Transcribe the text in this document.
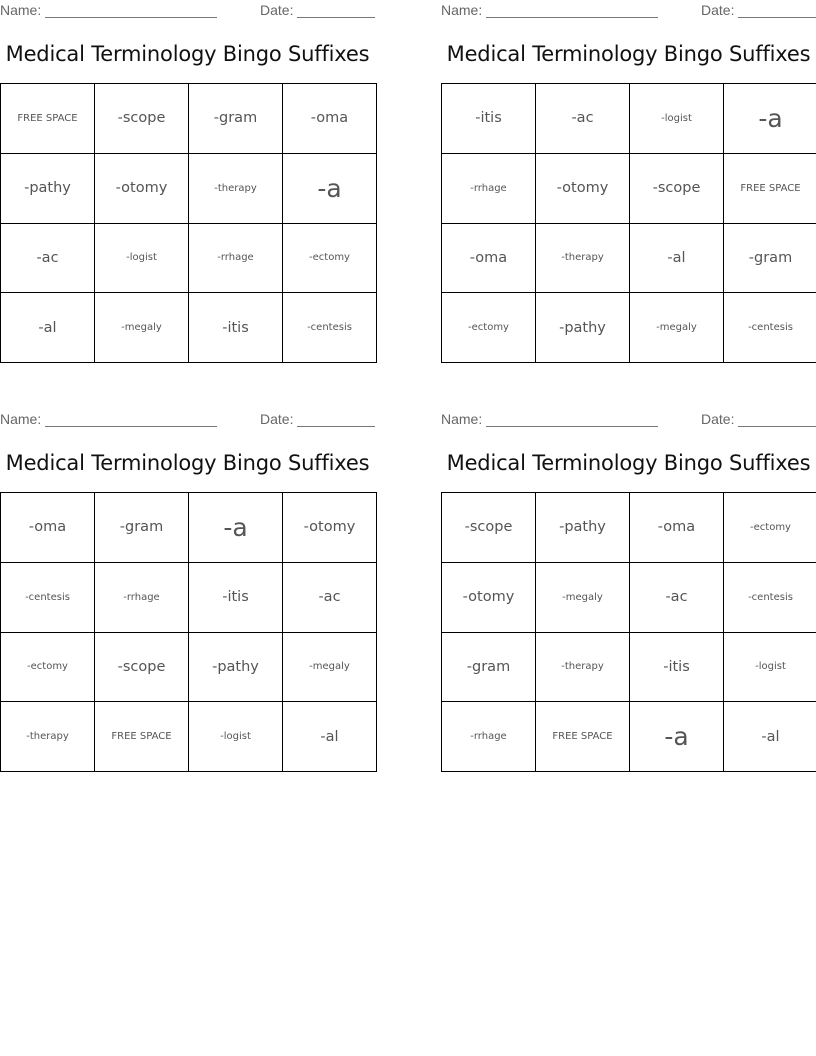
Name:	Date:
Medical Terminology Bingo Suffixes
FREE SPACE	-scope	-gram	-oma
-pathy	-otomy	-therapy	-a
-ac	-logist	-rrhage	-ectomy
-al	-megaly	-itis	-centesis
Name:	Date:
Medical Terminology Bingo Suffixes
-itis	-ac	-logist	-a
-rrhage	-otomy	-scope	FREE SPACE
-oma	-therapy	-al	-gram
-ectomy	-pathy	-megaly	-centesis
Name:	Date:
Medical Terminology Bingo Suffixes
-oma	-gram	-a	-otomy
-centesis	-rrhage	-itis	-ac
-ectomy	-scope	-pathy	-megaly
-therapy	FREE SPACE	-logist	-al
Name:	Date:
Medical Terminology Bingo Suffixes
-scope	-pathy	-oma	-ectomy
-otomy	-megaly	-ac	-centesis
-gram	-therapy	-itis	-logist
-rrhage	FREE SPACE	-a	-al
